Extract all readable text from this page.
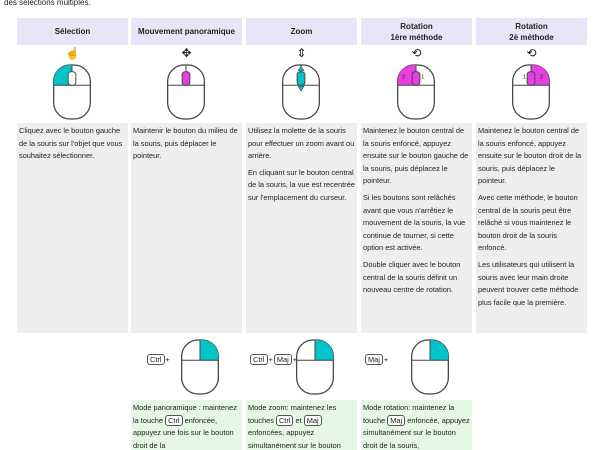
des sélections multiples.
Sélection
☝

Cliquez avec le bouton gauche de la souris sur l'objet que vous souhaitez sélectionner.

Mouvement panoramique
✥

Maintenir le bouton du milieu de la souris, puis déplacer le pointeur.

Zoom
⇕

Utilisez la molette de la souris pour effectuer un zoom avant ou arrière.

En cliquant sur le bouton central de la souris, la vue est recentrée sur l'emplacement du curseur.

Rotation
1ère méthode
⟲
2	1

Maintenez le bouton central de la souris enfoncé, appuyez ensuite sur le bouton gauche de la souris, puis déplacez le pointeur.

Si les boutons sont relâchés avant que vous n'arrêtiez le mouvement de la souris, la vue continue de tourner, si cette option est activée.

Double cliquer avec le bouton central de la souris définit un nouveau centre de rotation.

Rotation
2è méthode
⟲
2
1

Maintenez le bouton central de la souris enfoncé, appuyez ensuite sur le bouton droit de la souris, puis déplacez le pointeur.

Avec cette méthode, le bouton central de la souris peut être relâché si vous maintenez le bouton droit de la souris enfoncé.

Les utilisateurs qui utilisent la souris avec leur main droite peuvent trouver cette méthode plus facile que la première.

Ctrl +
Mode panoramique : maintenez la touche Ctrl enfoncée, appuyez une fois sur le bouton droit de la
Ctrl + Maj +
Mode zoom: maintenez les touches Ctrl et Maj enfoncées, appuyez simultanément sur le bouton
Maj +
Mode rotation: maintenez la touche Maj enfoncée, appuyez simultanément sur le bouton droit de la souris,
